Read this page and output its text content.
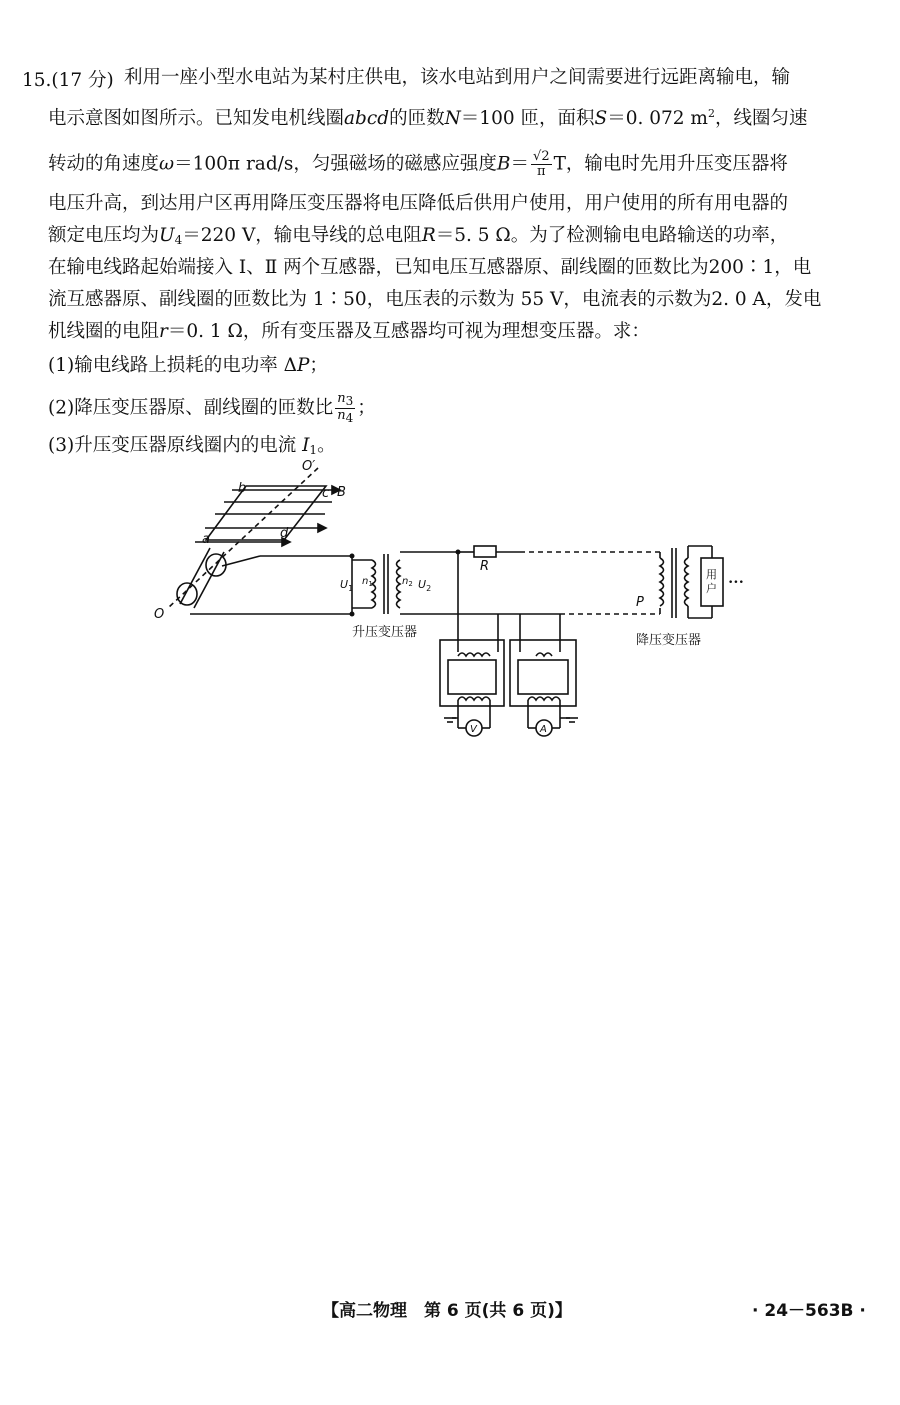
15.(17 分) 利用一座小型水电站为某村庄供电，该水电站到用户之间需要进行远距离输电，输
电示意图如图所示。已知发电机线圈abcd的匝数N＝100 匝，面积S＝0. 072 $m^2$，线圈匀速
转动的角速度ω＝100π rad/s，匀强磁场的磁感应强度$B= \frac{√2}{\pi}$ T，输电时先用升压变压器将
电压升高，到达用户区再用降压变压器将电压降低后供用户使用，用户使用的所有用电器的
额定电压均为$U_4=220$ V，输电导线的总电阻R＝5. 5 Ω。为了检测输电电路输送的功率，
在输电线路起始端接入 Ⅰ、Ⅱ 两个互感器，已知电压互感器原、副线圈的匝数比为200∶1，电
流互感器原、副线圈的匝数比为 1∶50，电压表的示数为 55 V，电流表的示数为2. 0 A，发电
机线圈的电阻r＝0. 1 Ω，所有变压器及互感器均可视为理想变压器。求：
(1)输电线路上损耗的电功率 ΔP；
(2)降压变压器原、副线圈的匝数比 $\frac{n3}{n4}$ ；
(3)升压变压器原线圈内的电流 $I_1$。
O′
O
b	c B
a	d
$U_1$
$n_1$	$n_2$ $U_2$
R
P
用户 •••
升压变压器
降压变压器
V	A
【高二物理　第 6 页(共 6 页)】	· 24－563B ·
